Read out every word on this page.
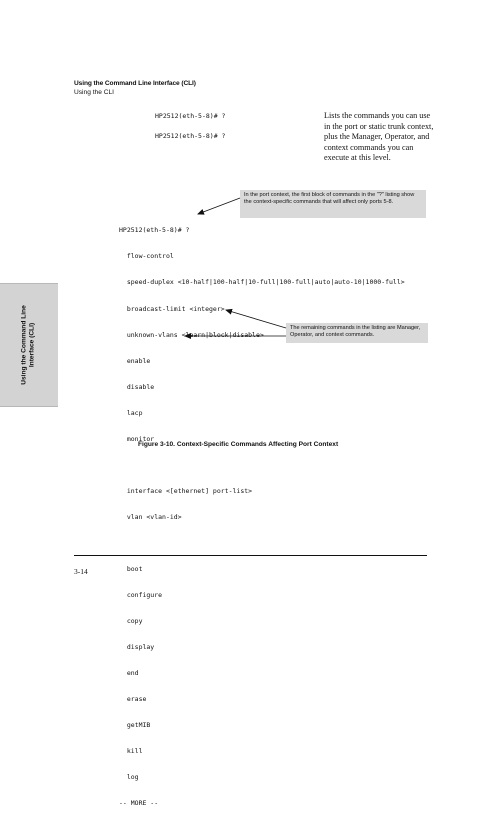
Using the Command Line Interface (CLI)
Using the CLI
HP2512(eth-5-8)# ?
HP2512(eth-5-8)# ?
Lists the commands you can use in the port or static trunk context, plus the Manager, Operator, and context commands you can execute at this level.
Using the Command Line Interface (CLI)
In the port context, the first block of commands in the "?" listing show the context-specific commands that will affect only ports 5-8.
The remaining commands in the listing are Manager, Operator, and context commands.

HP2512(eth-5-8)# ?

flow-control

speed-duplex <10-half|100-half|10-full|100-full|auto|auto-10|1000-full>

broadcast-limit <integer>

unknown-vlans <learn|block|disable>

enable

disable

lacp

monitor

interface <[ethernet] port-list>

vlan <vlan-id>

boot

configure

copy

display

end

erase

getMIB

kill

log

-- MORE --

Figure 3-10. Context-Specific Commands Affecting Port Context
3-14
